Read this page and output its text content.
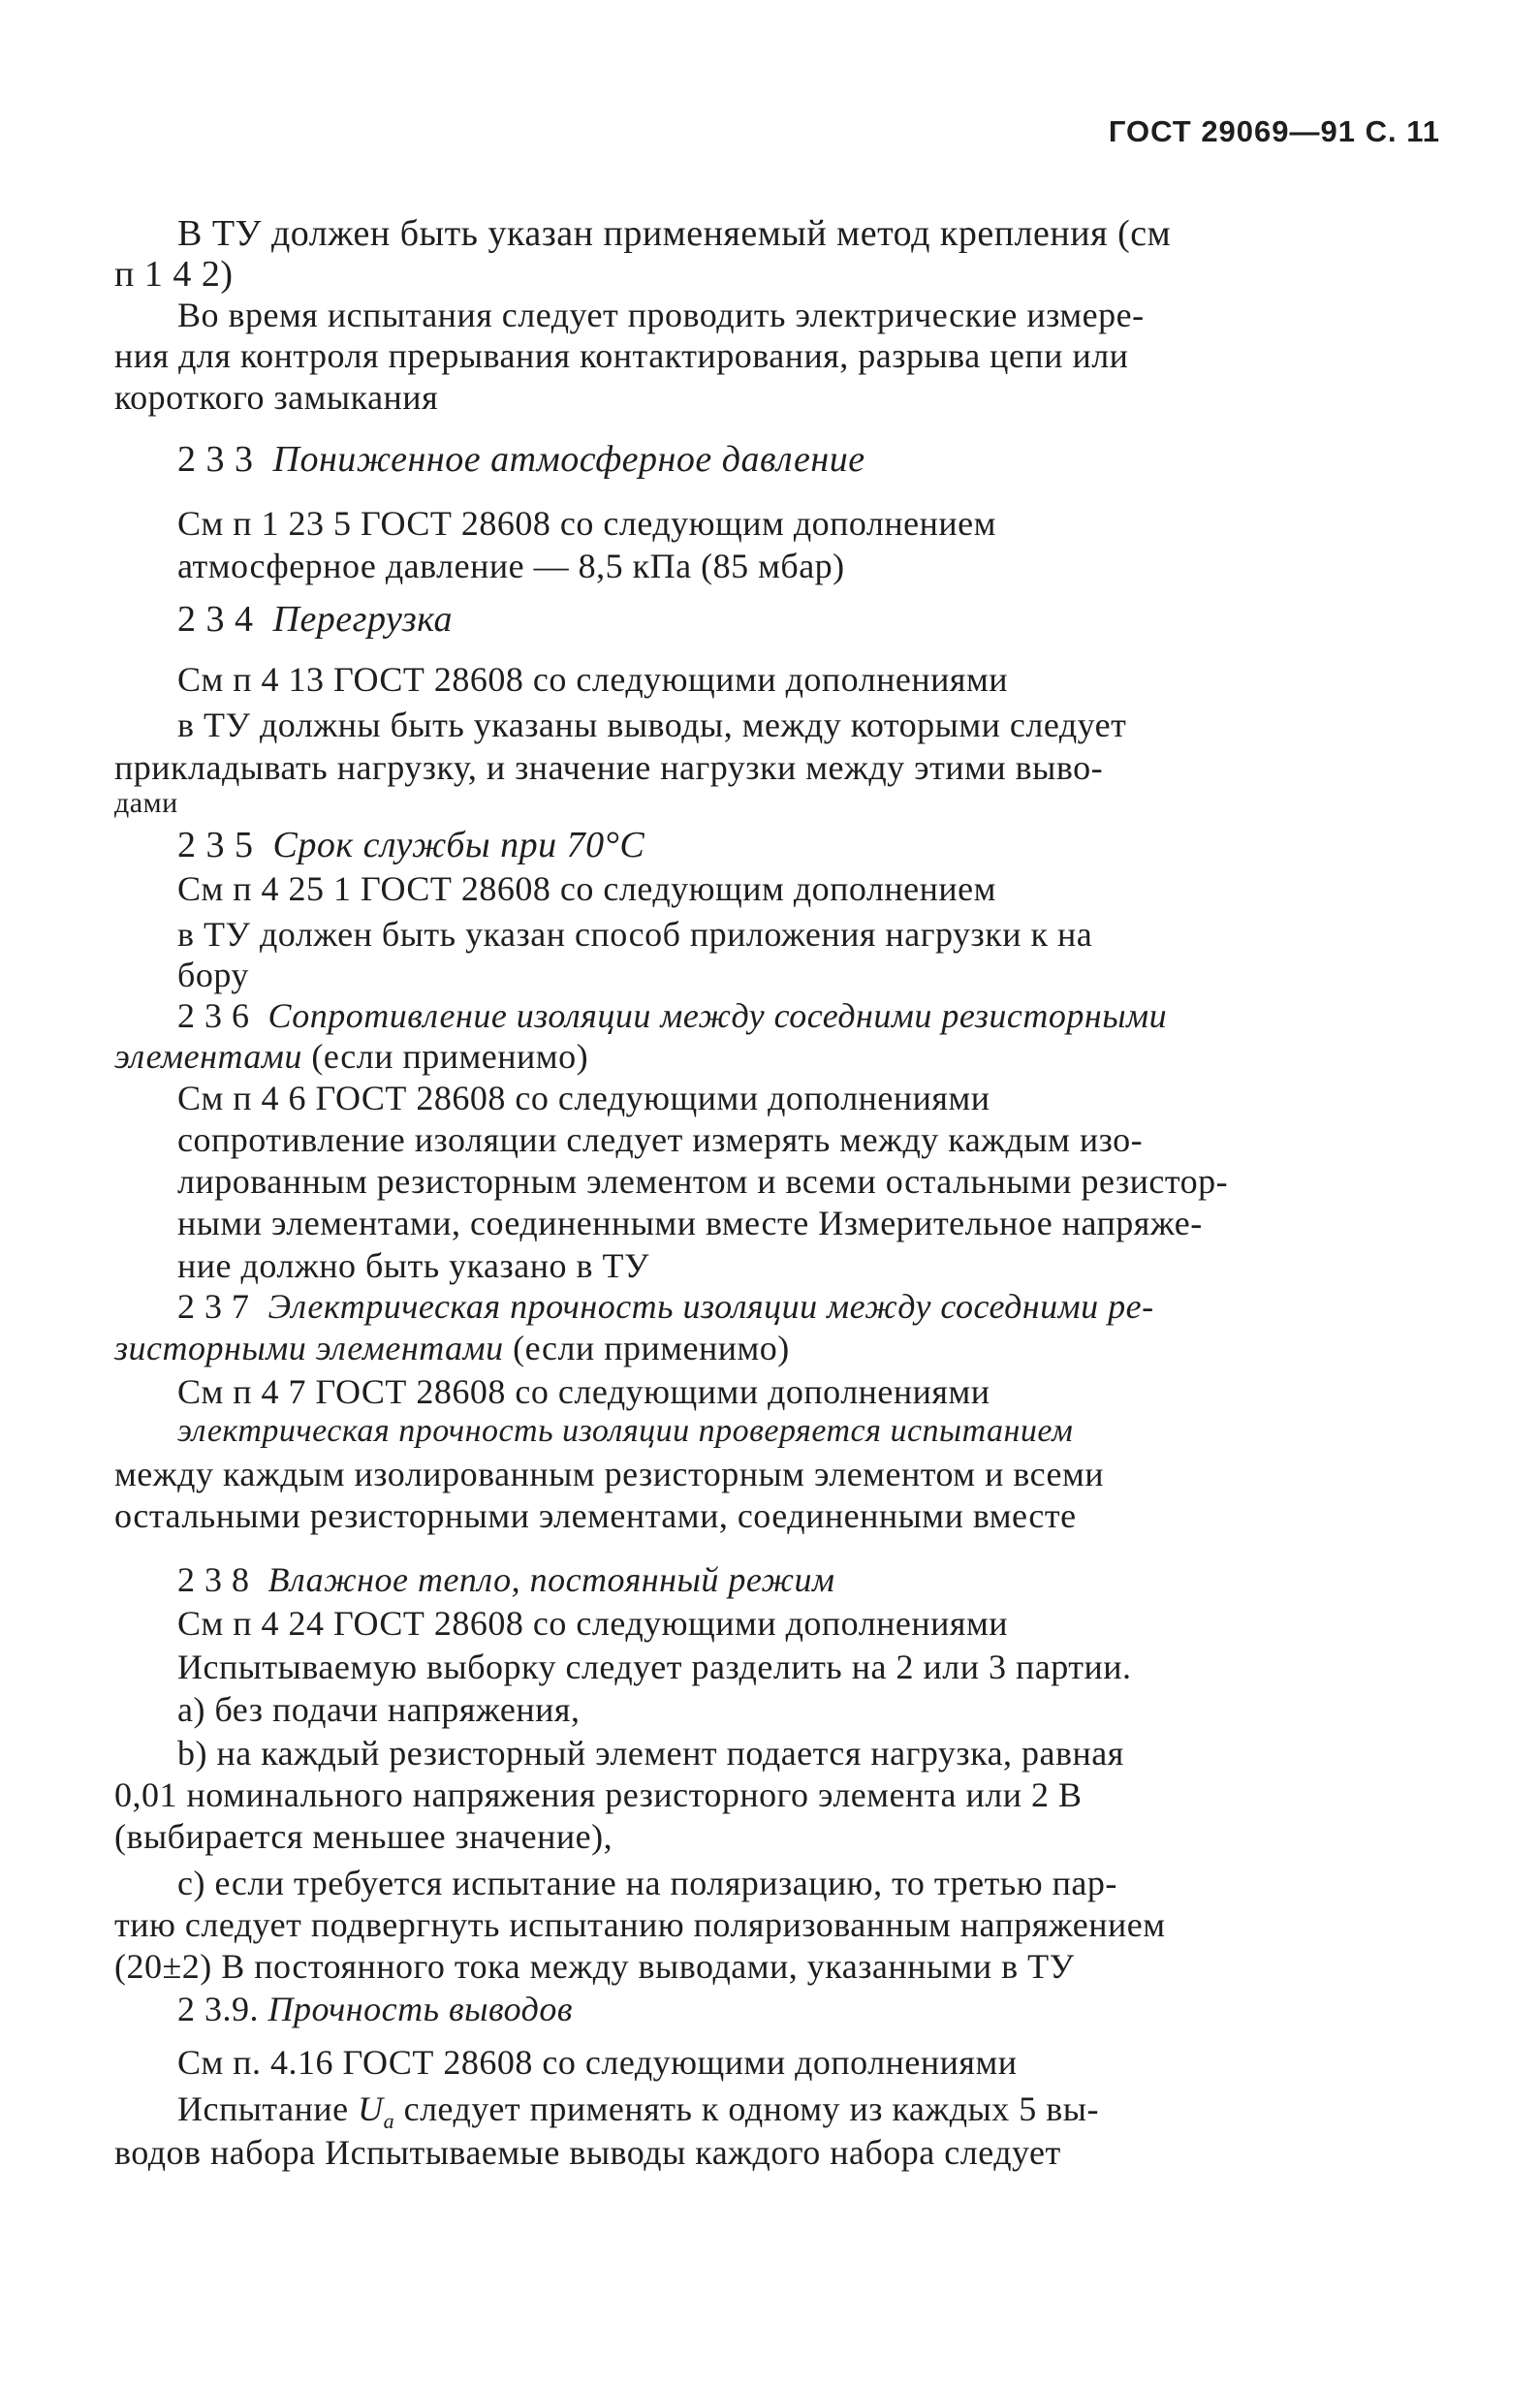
ГОСТ 29069—91 С. 11
В ТУ должен быть указан применяемый метод крепления (см
п 1 4 2)
Во время испытания следует проводить электрические измере-
ния для контроля прерывания контактирования, разрыва цепи или
короткого замыкания
2 3 3 Пониженное атмосферное давление
См п 1 23 5 ГОСТ 28608 со следующим дополнением
атмосферное давление — 8,5 кПа (85 мбар)
2 3 4 Перегрузка
См п 4 13 ГОСТ 28608 со следующими дополнениями
в ТУ должны быть указаны выводы, между которыми следует
прикладывать нагрузку, и значение нагрузки между этими выво-
дами
2 3 5 Срок службы при 70°С
См п 4 25 1 ГОСТ 28608 со следующим дополнением
в ТУ должен быть указан способ приложения нагрузки к на
бору
2 3 6 Сопротивление изоляции между соседними резисторными
элементами (если применимо)
См п 4 6 ГОСТ 28608 со следующими дополнениями
сопротивление изоляции следует измерять между каждым изо-
лированным резисторным элементом и всеми остальными резистор-
ными элементами, соединенными вместе Измерительное напряже-
ние должно быть указано в ТУ
2 3 7 Электрическая прочность изоляции между соседними ре-
зисторными элементами (если применимо)
См п 4 7 ГОСТ 28608 со следующими дополнениями
электрическая прочность изоляции проверяется испытанием
между каждым изолированным резисторным элементом и всеми
остальными резисторными элементами, соединенными вместе
2 3 8 Влажное тепло, постоянный режим
См п 4 24 ГОСТ 28608 со следующими дополнениями
Испытываемую выборку следует разделить на 2 или 3 партии.
а) без подачи напряжения,
b) на каждый резисторный элемент подается нагрузка, равная
0,01 номинального напряжения резисторного элемента или 2 В
(выбирается меньшее значение),
с) если требуется испытание на поляризацию, то третью пар-
тию следует подвергнуть испытанию поляризованным напряжением
(20±2) В постоянного тока между выводами, указанными в ТУ
2 3.9. Прочность выводов
См п. 4.16 ГОСТ 28608 со следующими дополнениями
Испытание $U_a$ следует применять к одному из каждых 5 вы-
водов набора Испытываемые выводы каждого набора следует
